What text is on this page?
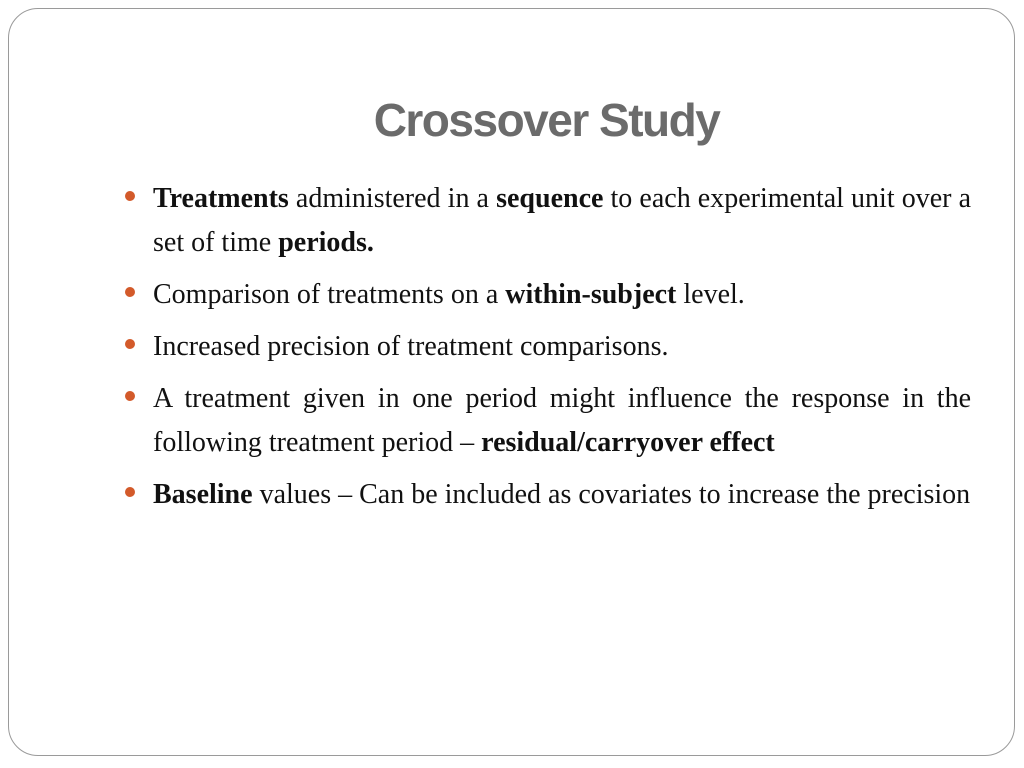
Crossover Study
Treatments administered in a sequence to each experimental unit over a set of time periods.
Comparison of treatments on a within-subject level.
Increased precision of treatment comparisons.
A treatment given in one period might influence the response in the following treatment period – residual/carryover effect
Baseline values – Can be included as covariates to increase the precision
